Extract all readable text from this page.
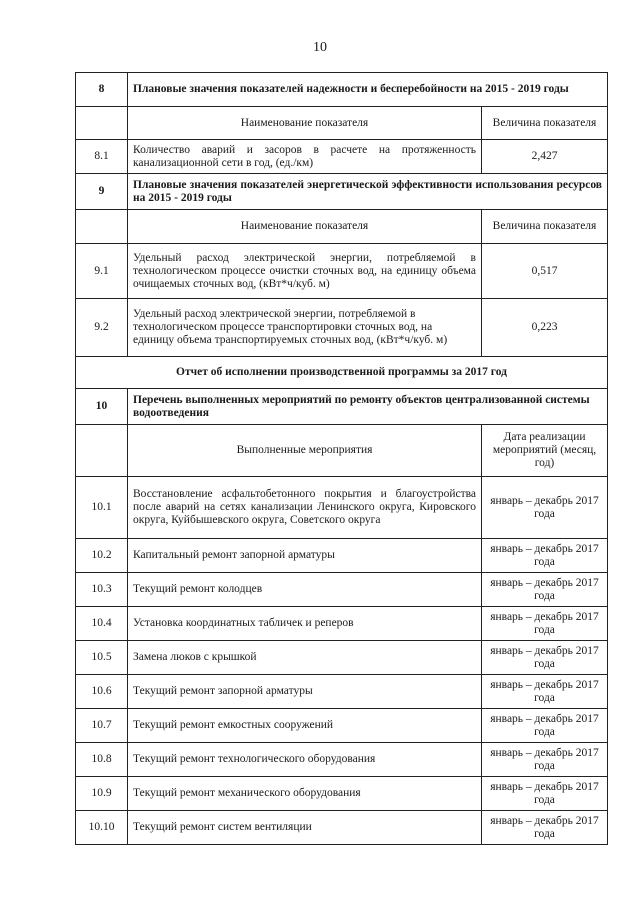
10
8	Плановые значения показателей надежности и бесперебойности на 2015 - 2019 годы	
	Наименование показателя	Величина показателя
8.1	Количество аварий и засоров в расчете на протяженность канализационной сети в год, (ед./км)	2,427
9	Плановые значения показателей энергетической эффективности использования ресурсов на 2015 - 2019 годы	
	Наименование показателя	Величина показателя
9.1	Удельный расход электрической энергии, потребляемой в технологическом процессе очистки сточных вод, на единицу объема очищаемых сточных вод, (кВт*ч/куб. м)	0,517
9.2	Удельный расход электрической энергии, потребляемой в технологическом процессе транспортировки сточных вод, на единицу объема транспортируемых сточных вод, (кВт*ч/куб. м)	0,223
Отчет об исполнении производственной программы за 2017 год		
10	Перечень выполненных мероприятий по ремонту объектов централизованной системы водоотведения	
	Выполненные мероприятия	Дата реализации мероприятий (месяц, год)
10.1	Восстановление асфальтобетонного покрытия и благоустройства после аварий на сетях канализации Ленинского округа, Кировского округа, Куйбышевского округа, Советского округа	январь – декабрь 2017 года
10.2	Капитальный ремонт запорной арматуры	январь – декабрь 2017 года
10.3	Текущий ремонт колодцев	январь – декабрь 2017 года
10.4	Установка координатных табличек и реперов	январь – декабрь 2017 года
10.5	Замена люков с крышкой	январь – декабрь 2017 года
10.6	Текущий ремонт запорной арматуры	январь – декабрь 2017 года
10.7	Текущий ремонт емкостных сооружений	январь – декабрь 2017 года
10.8	Текущий ремонт технологического оборудования	январь – декабрь 2017 года
10.9	Текущий ремонт механического оборудования	январь – декабрь 2017 года
10.10	Текущий ремонт систем вентиляции	январь – декабрь 2017 года
